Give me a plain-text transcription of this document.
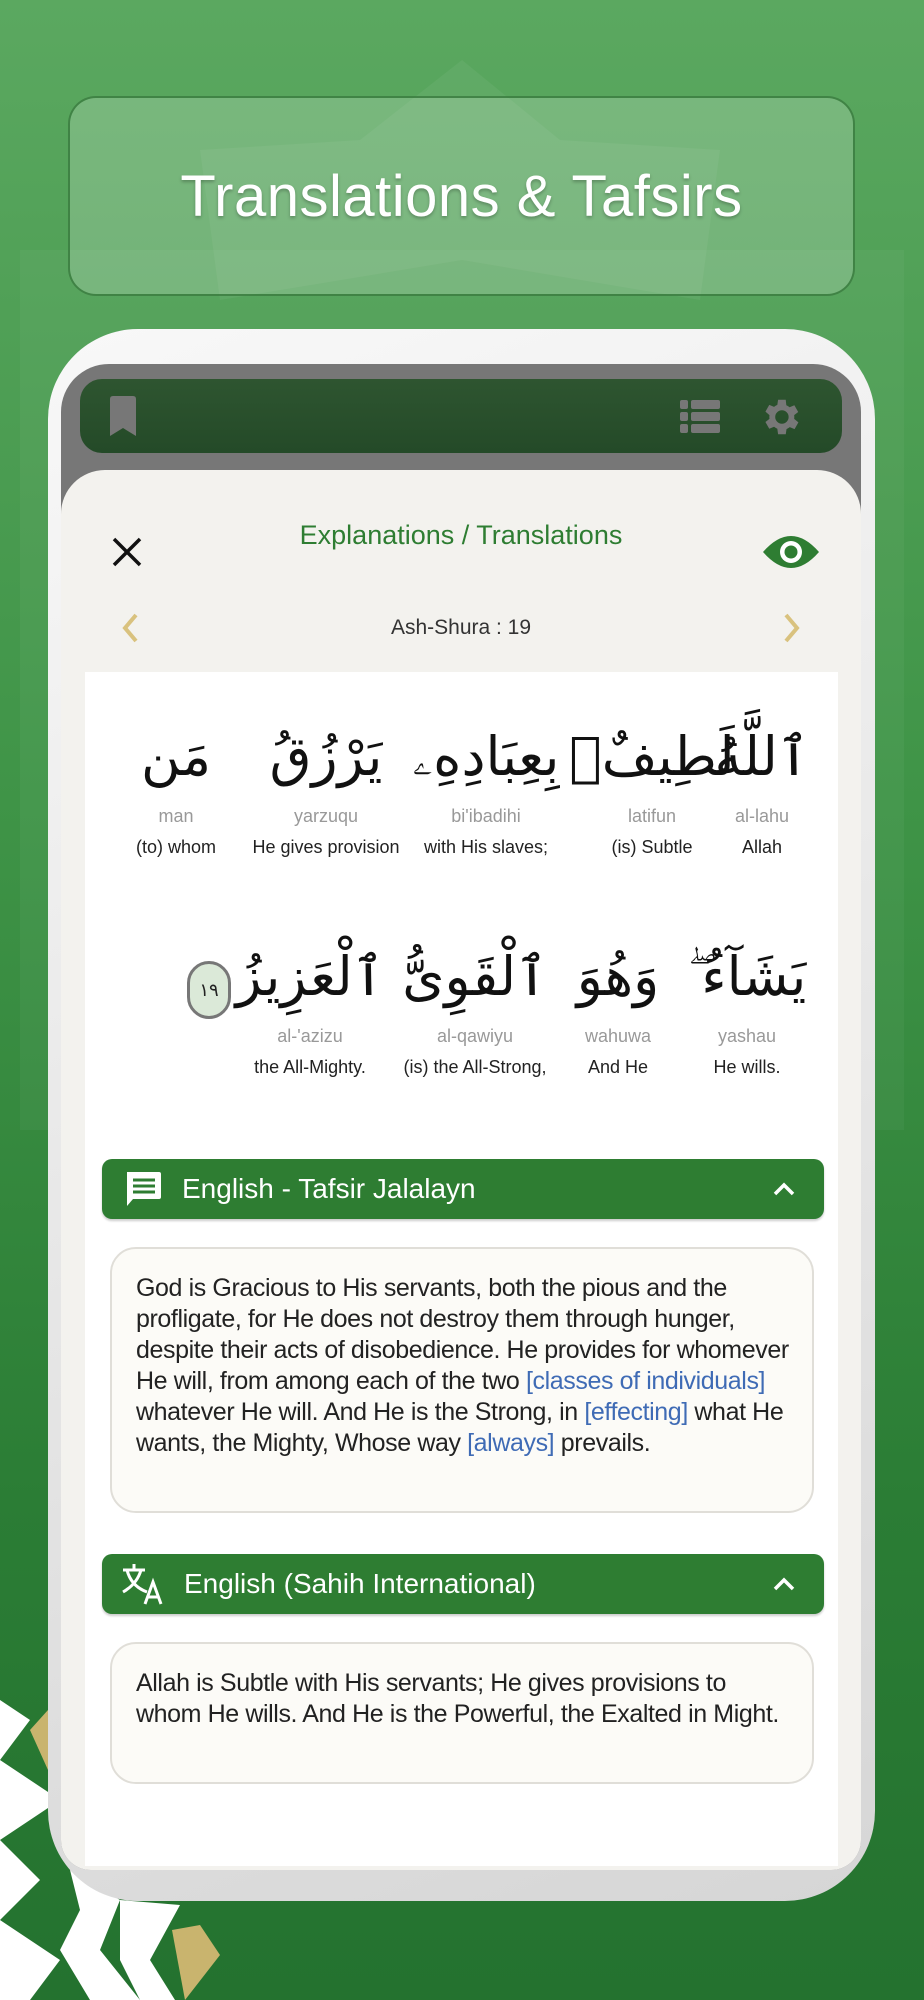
Translations & Tafsirs
Explanations / Translations
Ash-Shura : 19
ٱللَّهُ
al-lahu
Allah
لَطِيفٌۢ
latifun
(is) Subtle
بِعِبَادِهِۦ
bi'ibadihi
with His slaves;
يَرْزُقُ
yarzuqu
He gives provision
مَن
man
(to) whom
يَشَآءُ ۖ
yashau
He wills.
وَهُوَ
wahuwa
And He
ٱلْقَوِىُّ
al-qawiyu
(is) the All-Strong,
ٱلْعَزِيزُ
al-'azizu
the All-Mighty.
١٩
English - Tafsir Jalalayn
God is Gracious to His servants, both the pious and the profligate, for He does not destroy them through hunger, despite their acts of disobedience. He provides for whomever He will, from among each of the two [classes of individuals] whatever He will. And He is the Strong, in [effecting] what He wants, the Mighty, Whose way [always] prevails.
English (Sahih International)
Allah is Subtle with His servants; He gives provisions to whom He wills. And He is the Powerful, the Exalted in Might.
